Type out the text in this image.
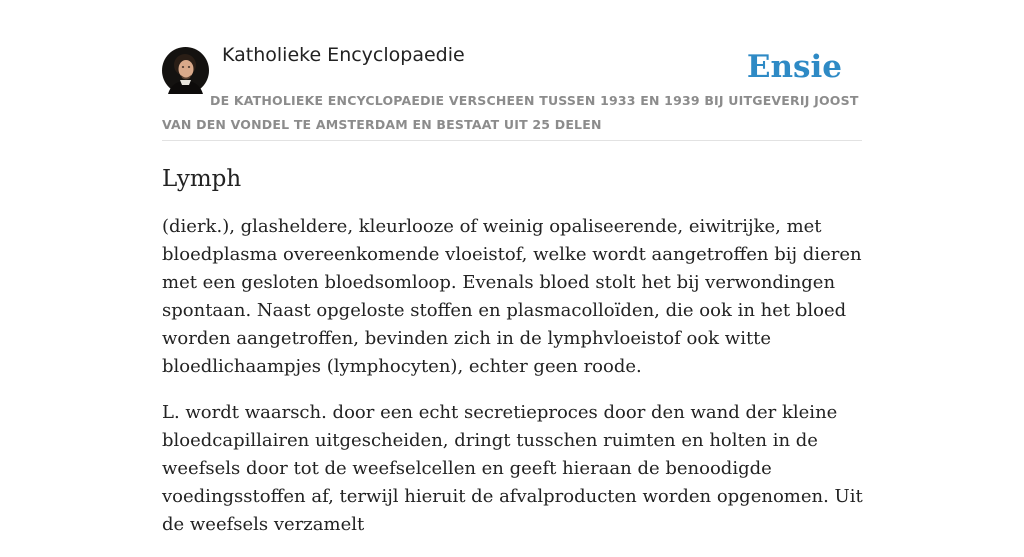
Katholieke Encyclopaedie	Ensie
DE KATHOLIEKE ENCYCLOPAEDIE VERSCHEEN TUSSEN 1933 EN 1939 BIJ UITGEVERIJ JOOST VAN DEN VONDEL TE AMSTERDAM EN BESTAAT UIT 25 DELEN
Lymph

(dierk.), glasheldere, kleurlooze of weinig opaliseerende, eiwitrijke, met bloedplasma overeenkomende vloeistof, welke wordt aangetroffen bij dieren met een gesloten bloedsomloop. Evenals bloed stolt het bij verwondingen spontaan. Naast opgeloste stoffen en plasmacolloïden, die ook in het bloed worden aangetroffen, bevinden zich in de lymphvloeistof ook witte bloedlichaampjes (lymphocyten), echter geen roode.

L. wordt waarsch. door een echt secretieproces door den wand der kleine bloedcapillairen uitgescheiden, dringt tusschen ruimten en holten in de weefsels door tot de weefselcellen en geeft hieraan de benoodigde voedingsstoffen af, terwijl hieruit de afvalproducten worden opgenomen. Uit de weefsels verzamelt
